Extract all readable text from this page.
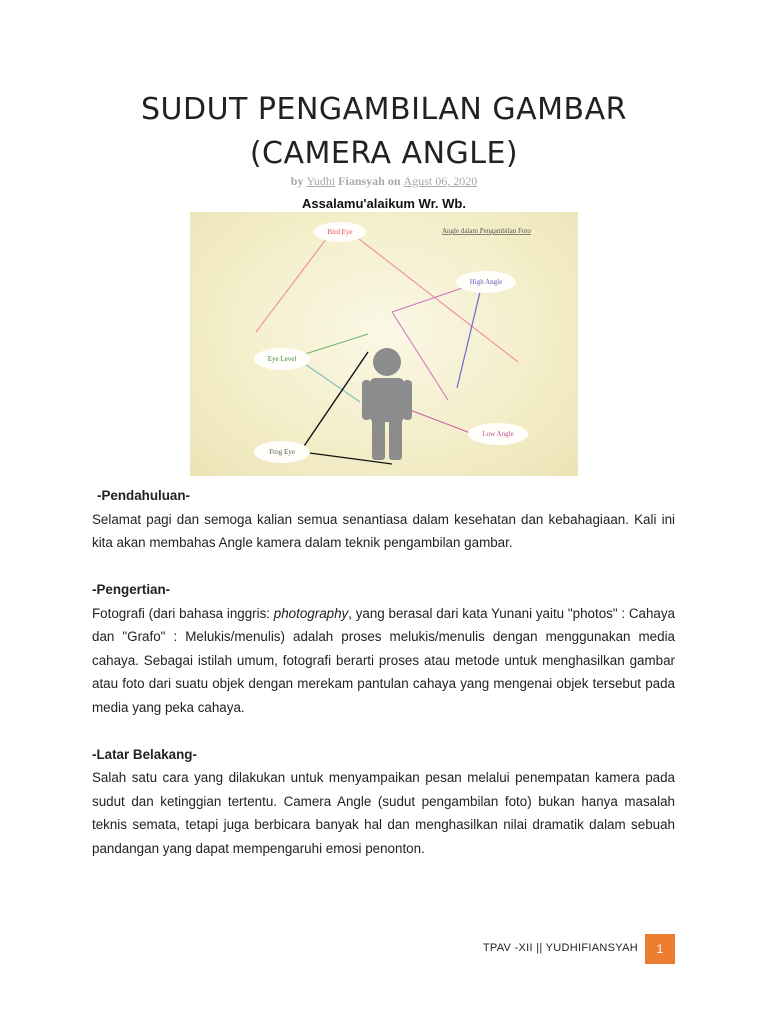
SUDUT PENGAMBILAN GAMBAR
(CAMERA ANGLE)
by Yudhi Fiansyah on Agust 06, 2020
Assalamu'alaikum Wr. Wb.
Bird Eye
High Angle
Eye Level
Low Angle
Frog Eye
Angle dalam Pengambilan Foto
-Pendahuluan-

Selamat pagi dan semoga kalian semua senantiasa dalam kesehatan dan kebahagiaan. Kali ini kita akan membahas Angle kamera dalam teknik pengambilan gambar.

-Pengertian-

Fotografi (dari bahasa inggris: photography, yang berasal dari kata Yunani yaitu "photos" : Cahaya dan "Grafo" : Melukis/menulis) adalah proses melukis/menulis dengan menggunakan media cahaya. Sebagai istilah umum, fotografi berarti proses atau metode untuk menghasilkan gambar atau foto dari suatu objek dengan merekam pantulan cahaya yang mengenai objek tersebut pada media yang peka cahaya.

-Latar Belakang-

Salah satu cara yang dilakukan untuk menyampaikan pesan melalui penempatan kamera pada sudut dan ketinggian tertentu. Camera Angle (sudut pengambilan foto) bukan hanya masalah teknis semata, tetapi juga berbicara banyak hal dan menghasilkan nilai dramatik dalam sebuah pandangan yang dapat mempengaruhi emosi penonton.

TPAV -XII || YUDHIFIANSYAH	1
